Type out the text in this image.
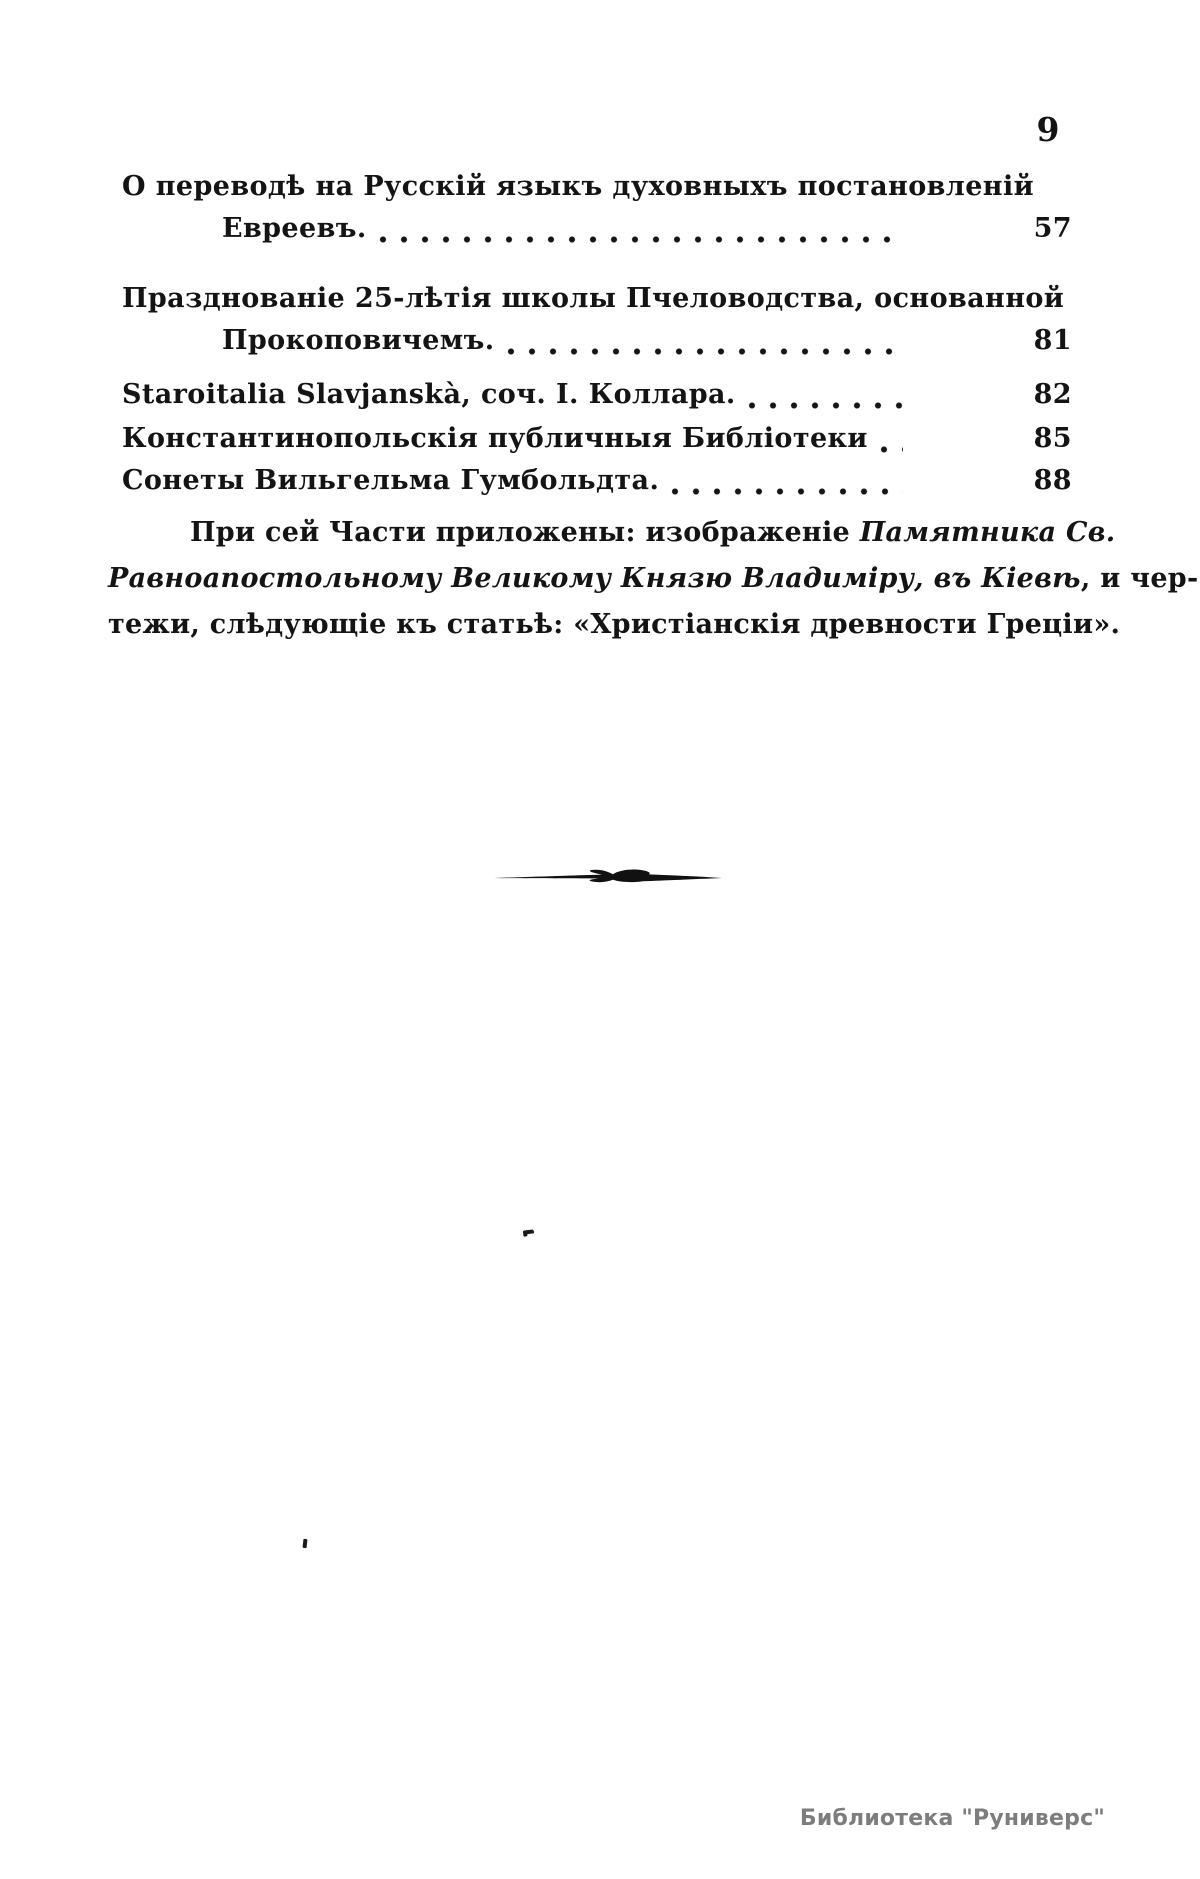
9
О переводѣ на Русскій языкъ духовныхъ постановленій
Евреевъ.	57
Празднованіе 25-лѣтія школы Пчеловодства, основанной
Прокоповичемъ.	81
Staroitalia Slavjanskà, соч. I. Коллара.	82
Константинопольскія публичныя Библіотеки	85
Сонеты Вильгельма Гумбольдта.	88
При сей Части приложены: изображеніе Памятника Св.
Равноапостольному Великому Князю Владиміру, въ Кіевѣ, и чер-
тежи, слѣдующіе къ статьѣ: «Христіанскія древности Греціи».
Библиотека "Руниверс"
